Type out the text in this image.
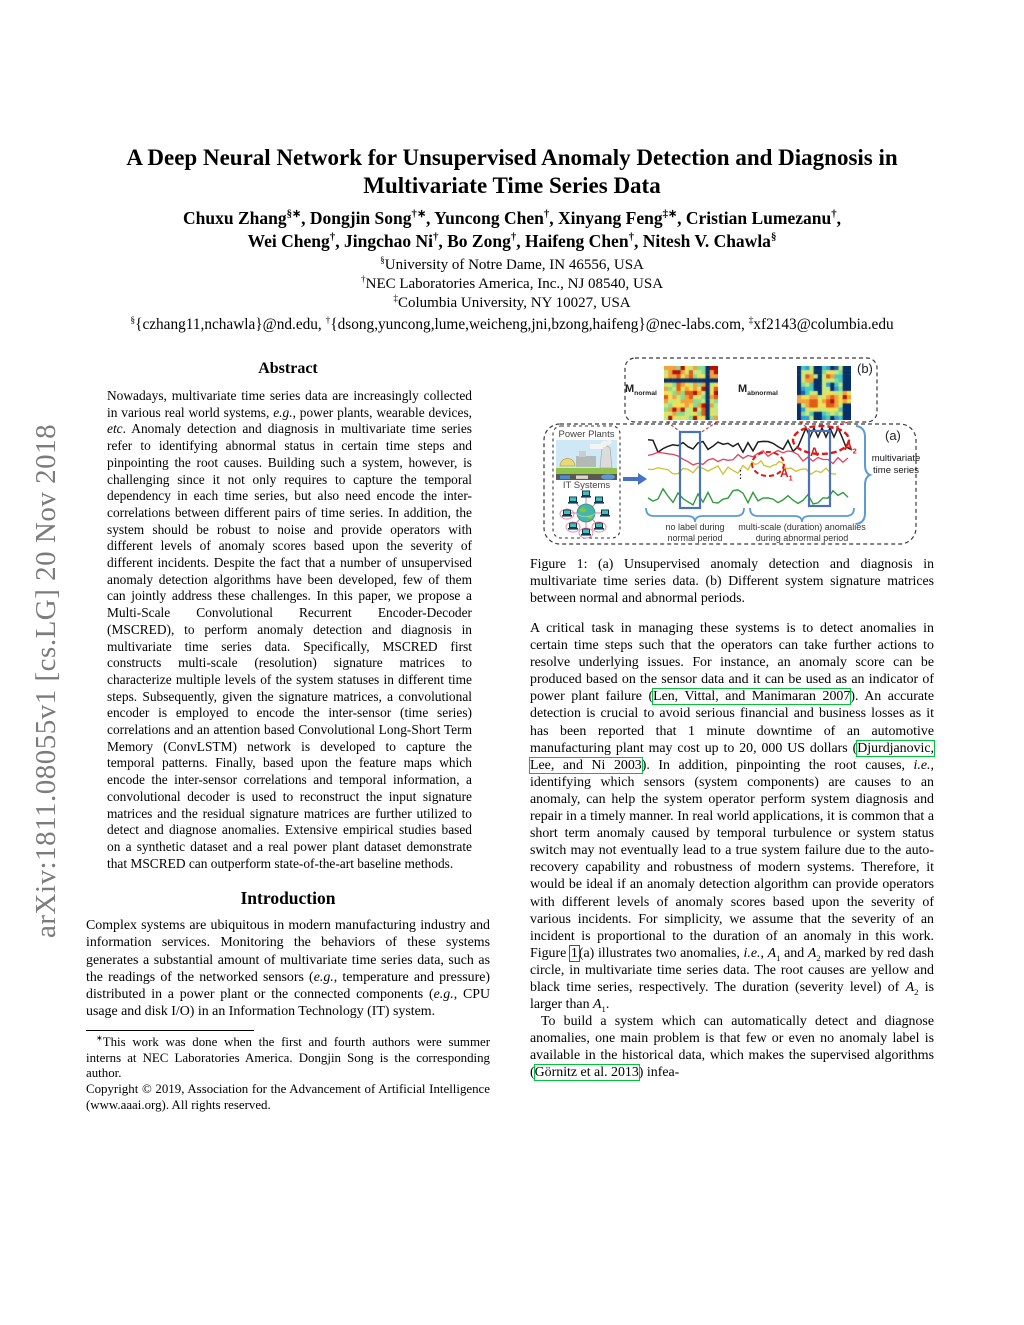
arXiv:1811.08055v1 [cs.LG] 20 Nov 2018
A Deep Neural Network for Unsupervised Anomaly Detection and Diagnosis in Multivariate Time Series Data
Chuxu Zhang§∗, Dongjin Song†∗, Yuncong Chen†, Xinyang Feng‡∗, Cristian Lumezanu†,
Wei Cheng†, Jingchao Ni†, Bo Zong†, Haifeng Chen†, Nitesh V. Chawla§
§University of Notre Dame, IN 46556, USA
†NEC Laboratories America, Inc., NJ 08540, USA
‡Columbia University, NY 10027, USA
§{czhang11,nchawla}@nd.edu, †{dsong,yuncong,lume,weicheng,jni,bzong,haifeng}@nec-labs.com, ‡xf2143@columbia.edu
Abstract
Nowadays, multivariate time series data are increasingly collected in various real world systems, e.g., power plants, wearable devices, etc. Anomaly detection and diagnosis in multivariate time series refer to identifying abnormal status in certain time steps and pinpointing the root causes. Building such a system, however, is challenging since it not only requires to capture the temporal dependency in each time series, but also need encode the inter-correlations between different pairs of time series. In addition, the system should be robust to noise and provide operators with different levels of anomaly scores based upon the severity of different incidents. Despite the fact that a number of unsupervised anomaly detection algorithms have been developed, few of them can jointly address these challenges. In this paper, we propose a Multi-Scale Convolutional Recurrent Encoder-Decoder (MSCRED), to perform anomaly detection and diagnosis in multivariate time series data. Specifically, MSCRED first constructs multi-scale (resolution) signature matrices to characterize multiple levels of the system statuses in different time steps. Subsequently, given the signature matrices, a convolutional encoder is employed to encode the inter-sensor (time series) correlations and an attention based Convolutional Long-Short Term Memory (ConvLSTM) network is developed to capture the temporal patterns. Finally, based upon the feature maps which encode the inter-sensor correlations and temporal information, a convolutional decoder is used to reconstruct the input signature matrices and the residual signature matrices are further utilized to detect and diagnose anomalies. Extensive empirical studies based on a synthetic dataset and a real power plant dataset demonstrate that MSCRED can outperform state-of-the-art baseline methods.
Introduction
Complex systems are ubiquitous in modern manufacturing industry and information services. Monitoring the behaviors of these systems generates a substantial amount of multivariate time series data, such as the readings of the networked sensors (e.g., temperature and pressure) distributed in a power plant or the connected components (e.g., CPU usage and disk I/O) in an Information Technology (IT) system.
∗This work was done when the first and fourth authors were summer interns at NEC Laboratories America. Dongjin Song is the corresponding author.
Copyright © 2019, Association for the Advancement of Artificial Intelligence (www.aaai.org). All rights reserved.
$M_{normal}$	$M_{abnormal}$
(b)
(a)
Power Plants
IT Systems
multivariate
time series
no label during
normal period
multi-scale (duration) anomalies
during abnormal period
⋮	$A_1$
$A_2$
A
Figure 1: (a) Unsupervised anomaly detection and diagnosis in multivariate time series data. (b) Different system signature matrices between normal and abnormal periods.
A critical task in managing these systems is to detect anomalies in certain time steps such that the operators can take further actions to resolve underlying issues. For instance, an anomaly score can be produced based on the sensor data and it can be used as an indicator of power plant failure (Len, Vittal, and Manimaran 2007). An accurate detection is crucial to avoid serious financial and business losses as it has been reported that 1 minute downtime of an automotive manufacturing plant may cost up to 20, 000 US dollars (Djurdjanovic, Lee, and Ni 2003). In addition, pinpointing the root causes, i.e., identifying which sensors (system components) are causes to an anomaly, can help the system operator perform system diagnosis and repair in a timely manner. In real world applications, it is common that a short term anomaly caused by temporal turbulence or system status switch may not eventually lead to a true system failure due to the auto-recovery capability and robustness of modern systems. Therefore, it would be ideal if an anomaly detection algorithm can provide operators with different levels of anomaly scores based upon the severity of various incidents. For simplicity, we assume that the severity of an incident is proportional to the duration of an anomaly in this work. Figure 1(a) illustrates two anomalies, i.e., $A_1$ and $A_2$ marked by red dash circle, in multivariate time series data. The root causes are yellow and black time series, respectively. The duration (severity level) of $A_2$ is larger than $A_1$.
To build a system which can automatically detect and diagnose anomalies, one main problem is that few or even no anomaly label is available in the historical data, which makes the supervised algorithms (Görnitz et al. 2013) infea-
